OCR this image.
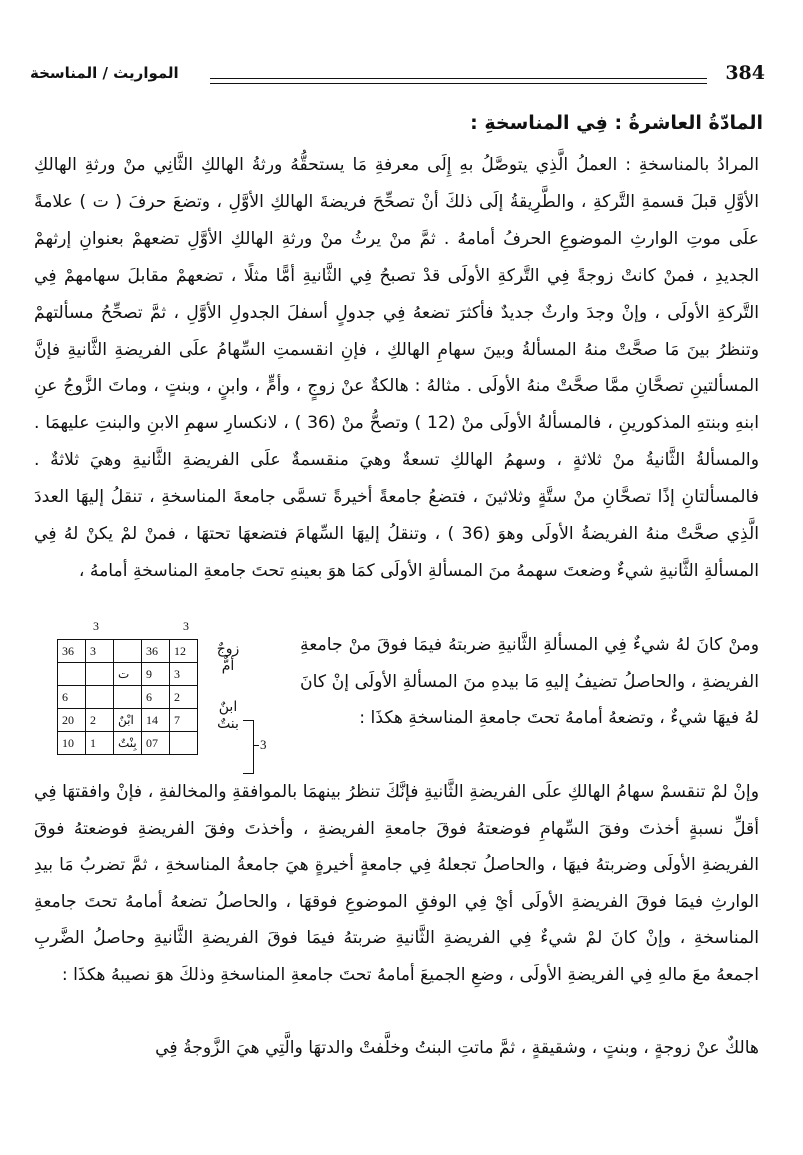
المواريث / المناسخة	384
المادّةُ العاشرةُ : فِي المناسخةِ :
المرادُ بالمناسخةِ : العملُ الَّذِي يتوصَّلُ بهِ إِلَى معرفةِ مَا يستحقُّهُ ورثةُ الهالكِ الثَّانِي منْ ورثةِ الهالكِ الأوَّلِ قبلَ قسمةِ التَّركةِ ، والطَّرِيقةُ إلَى ذلكَ أنْ تصحِّحَ فريضةَ الهالكِ الأوَّلِ ، وتضعَ حرفَ ( ت ) علامةً علَى موتِ الوارثِ الموضوعِ الحرفُ أمامهُ . ثمَّ منْ يرثُ منْ ورثةِ الهالكِ الأوَّلِ تضعهمْ بعنوانِ إرثهمْ الجديدِ ، فمنْ كانتْ زوجةً فِي التَّركةِ الأولَى قدْ تصبحُ فِي الثَّانيةِ أمًّا مثلًا ، تضعهمْ مقابلَ سهامهمْ فِي التَّركةِ الأولَى ، وإنْ وجدَ وارثٌ جديدٌ فأكثرَ تضعهُ فِي جدولٍ أسفلَ الجدولِ الأوَّلِ ، ثمَّ تصحِّحُ مسألتهمْ وتنظرُ بينَ مَا صحَّتْ منهُ المسألةُ وبينَ سهامِ الهالكِ ، فإنِ انقسمتِ السِّهامُ علَى الفريضةِ الثَّانيةِ فإنَّ المسألتينِ تصحَّانِ ممَّا صحَّتْ منهُ الأولَى . مثالهُ : هالكةٌ عنْ زوجٍ ، وأمٍّ ، وابنٍ ، وبنتٍ ، وماتَ الزَّوجُ عنِ ابنهِ وبنتهِ المذكورينِ ، فالمسألةُ الأولَى منْ (12 ) وتصحُّ منْ (36 ) ، لانكسارِ سهمِ الابنِ والبنتِ عليهمَا . والمسألةُ الثَّانيةُ منْ ثلاثةٍ ، وسهمُ الهالكِ تسعةٌ وهيَ منقسمةٌ علَى الفريضةِ الثَّانيةِ وهيَ ثلاثةٌ . فالمسألتانِ إذًا تصحَّانِ منْ ستَّةٍ وثلاثينَ ، فتضعُ جامعةً أخيرةً تسمَّى جامعةَ المناسخةِ ، تنقلُ إليهَا العددَ الَّذِي صحَّتْ منهُ الفريضةُ الأولَى وهوَ (36 ) ، وتنقلُ إليهَا السِّهامَ فتضعهَا تحتهَا ، فمنْ لمْ يكنْ لهُ فِي المسألةِ الثَّانيةِ شيءٌ وضعتَ سهمهُ منَ المسألةِ الأولَى كمَا هوَ بعينهِ تحتَ جامعةِ المناسخةِ أمامهُ ،
3	3
36	3		36	12
		ت	9	3
6			6	2
20	2	ابْنٌ	14	7
10	1	بِنْتٌ	07	
زوجٌ
أمٌّ
ابنٌ
بنتٌ
3
ومنْ كانَ لهُ شيءٌ فِي المسألةِ الثَّانيةِ ضربتهُ فيمَا فوقَ منْ جامعةِ الفريضةِ ، والحاصلُ تضيفُ إليهِ مَا بيدهِ منَ المسألةِ الأولَى إنْ كانَ لهُ فيهَا شيءٌ ، وتضعهُ أمامهُ تحتَ جامعةِ المناسخةِ هكذَا :
وإنْ لمْ تنقسمْ سهامُ الهالكِ علَى الفريضةِ الثَّانيةِ فإنَّكَ تنظرُ بينهمَا بالموافقةِ والمخالفةِ ، فإنْ وافقتهَا فِي أقلِّ نسبةٍ أخذتَ وفقَ السِّهامِ فوضعتهُ فوقَ جامعةِ الفريضةِ ، وأخذتَ وفقَ الفريضةِ فوضعتهُ فوقَ الفريضةِ الأولَى وضربتهُ فيهَا ، والحاصلُ تجعلهُ فِي جامعةٍ أخيرةٍ هيَ جامعةُ المناسخةِ ، ثمَّ تضربُ مَا بيدِ الوارثِ فيمَا فوقَ الفريضةِ الأولَى أيْ فِي الوفقِ الموضوعِ فوقهَا ، والحاصلُ تضعهُ أمامهُ تحتَ جامعةِ المناسخةِ ، وإنْ كانَ لمْ شيءٌ فِي الفريضةِ الثَّانيةِ ضربتهُ فيمَا فوقَ الفريضةِ الثَّانيةِ وحاصلُ الضَّربِ اجمعهُ معَ مالهِ فِي الفريضةِ الأولَى ، وضعِ الجميعَ أمامهُ تحتَ جامعةِ المناسخةِ وذلكَ هوَ نصيبهُ هكذَا :
هالكٌ عنْ زوجةٍ ، وبنتٍ ، وشقيقةٍ ، ثمَّ ماتتِ البنتُ وخلَّفتْ والدتهَا والَّتِي هيَ الزَّوجةُ فِي
